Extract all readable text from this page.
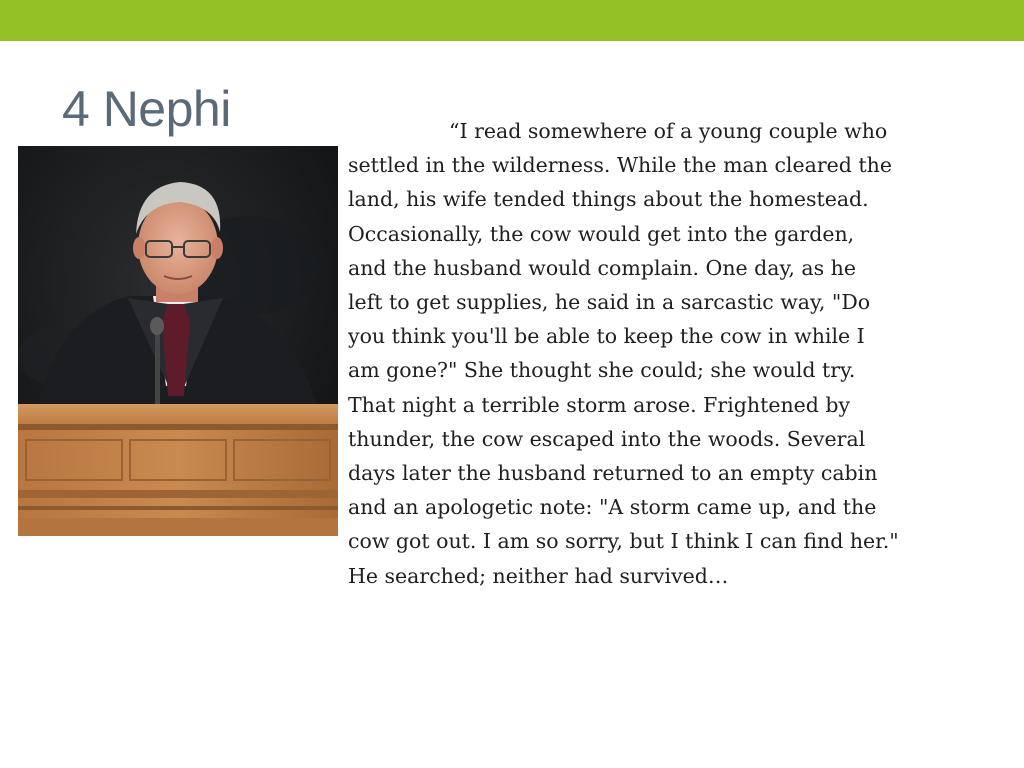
4 Nephi	“I read somewhere of a young couple who
settled in the wilderness. While the man cleared the
land, his wife tended things about the homestead.
Occasionally, the cow would get into the garden,
and the husband would complain. One day, as he
left to get supplies, he said in a sarcastic way, "Do
you think you'll be able to keep the cow in while I
am gone?" She thought she could; she would try.
That night a terrible storm arose. Frightened by
thunder, the cow escaped into the woods. Several
days later the husband returned to an empty cabin
and an apologetic note: "A storm came up, and the
cow got out. I am so sorry, but I think I can find her."
He searched; neither had survived…
